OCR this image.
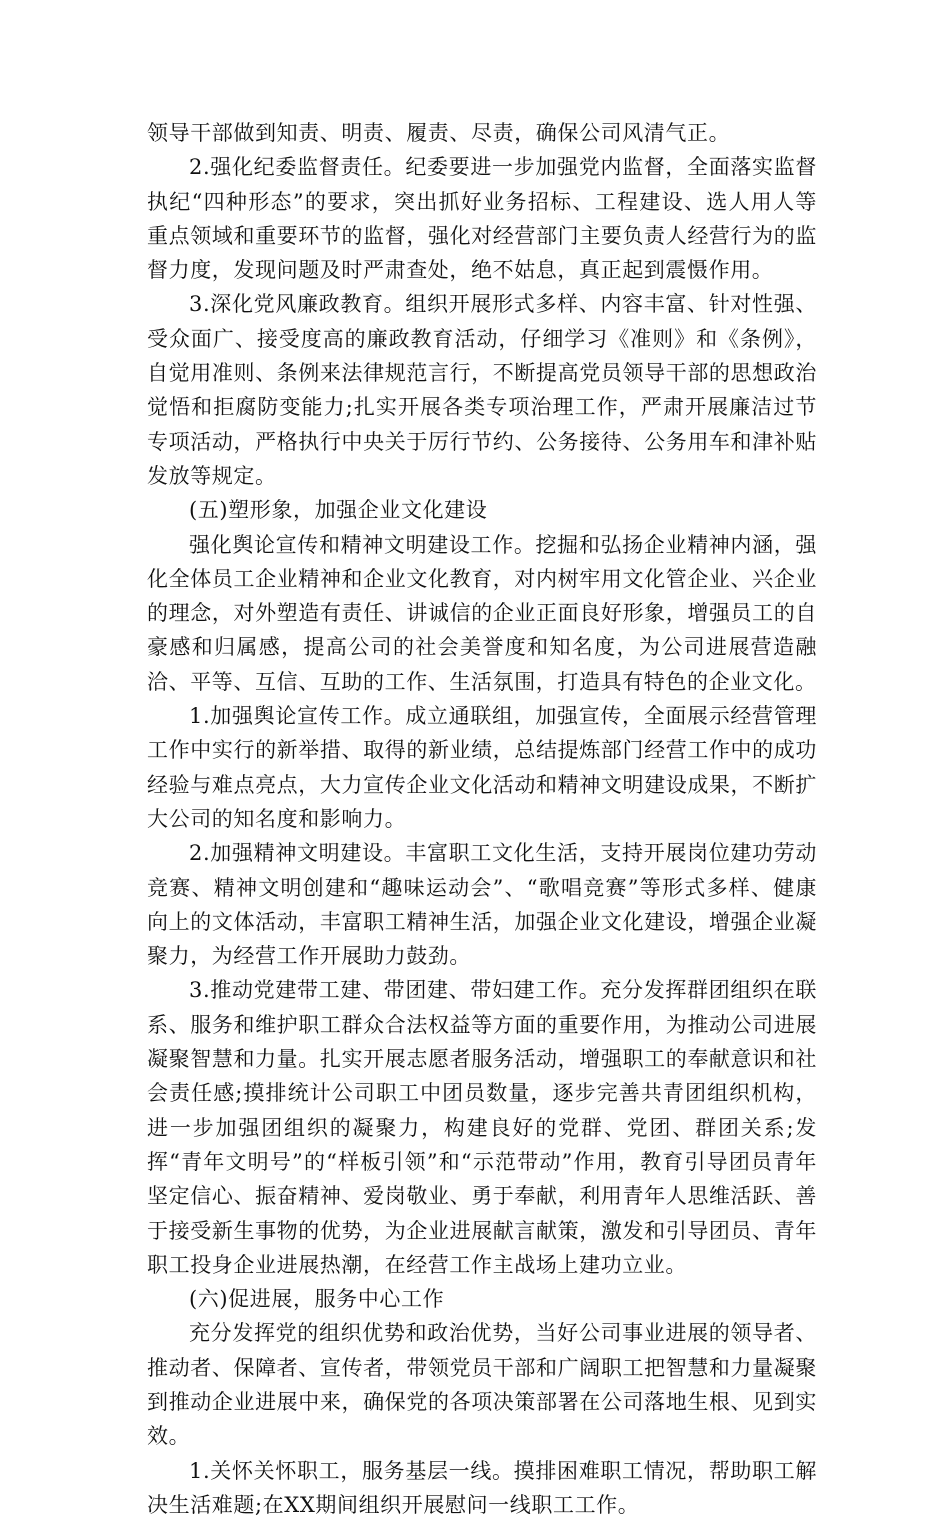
领导干部做到知责、明责、履责、尽责，确保公司风清气正。

2.强化纪委监督责任。纪委要进一步加强党内监督，全面落实监督执纪“四种形态”的要求，突出抓好业务招标、工程建设、选人用人等重点领域和重要环节的监督，强化对经营部门主要负责人经营行为的监督力度，发现问题及时严肃查处，绝不姑息，真正起到震慑作用。

3.深化党风廉政教育。组织开展形式多样、内容丰富、针对性强、受众面广、接受度高的廉政教育活动，仔细学习《准则》和《条例》，自觉用准则、条例来法律规范言行，不断提高党员领导干部的思想政治觉悟和拒腐防变能力;扎实开展各类专项治理工作，严肃开展廉洁过节专项活动，严格执行中央关于厉行节约、公务接待、公务用车和津补贴发放等规定。

(五)塑形象，加强企业文化建设

强化舆论宣传和精神文明建设工作。挖掘和弘扬企业精神内涵，强化全体员工企业精神和企业文化教育，对内树牢用文化管企业、兴企业的理念，对外塑造有责任、讲诚信的企业正面良好形象，增强员工的自豪感和归属感，提高公司的社会美誉度和知名度，为公司进展营造融洽、平等、互信、互助的工作、生活氛围，打造具有特色的企业文化。

1.加强舆论宣传工作。成立通联组，加强宣传，全面展示经营管理工作中实行的新举措、取得的新业绩，总结提炼部门经营工作中的成功经验与难点亮点，大力宣传企业文化活动和精神文明建设成果，不断扩大公司的知名度和影响力。

2.加强精神文明建设。丰富职工文化生活，支持开展岗位建功劳动竞赛、精神文明创建和“趣味运动会”、“歌唱竞赛”等形式多样、健康向上的文体活动，丰富职工精神生活，加强企业文化建设，增强企业凝聚力，为经营工作开展助力鼓劲。

3.推动党建带工建、带团建、带妇建工作。充分发挥群团组织在联系、服务和维护职工群众合法权益等方面的重要作用，为推动公司进展凝聚智慧和力量。扎实开展志愿者服务活动，增强职工的奉献意识和社会责任感;摸排统计公司职工中团员数量，逐步完善共青团组织机构，进一步加强团组织的凝聚力，构建良好的党群、党团、群团关系;发挥“青年文明号”的“样板引领”和“示范带动”作用，教育引导团员青年坚定信心、振奋精神、爱岗敬业、勇于奉献，利用青年人思维活跃、善于接受新生事物的优势，为企业进展献言献策，激发和引导团员、青年职工投身企业进展热潮，在经营工作主战场上建功立业。

(六)促进展，服务中心工作

充分发挥党的组织优势和政治优势，当好公司事业进展的领导者、推动者、保障者、宣传者，带领党员干部和广阔职工把智慧和力量凝聚到推动企业进展中来，确保党的各项决策部署在公司落地生根、见到实效。

1.关怀关怀职工，服务基层一线。摸排困难职工情况，帮助职工解决生活难题;在XX期间组织开展慰问一线职工工作。
